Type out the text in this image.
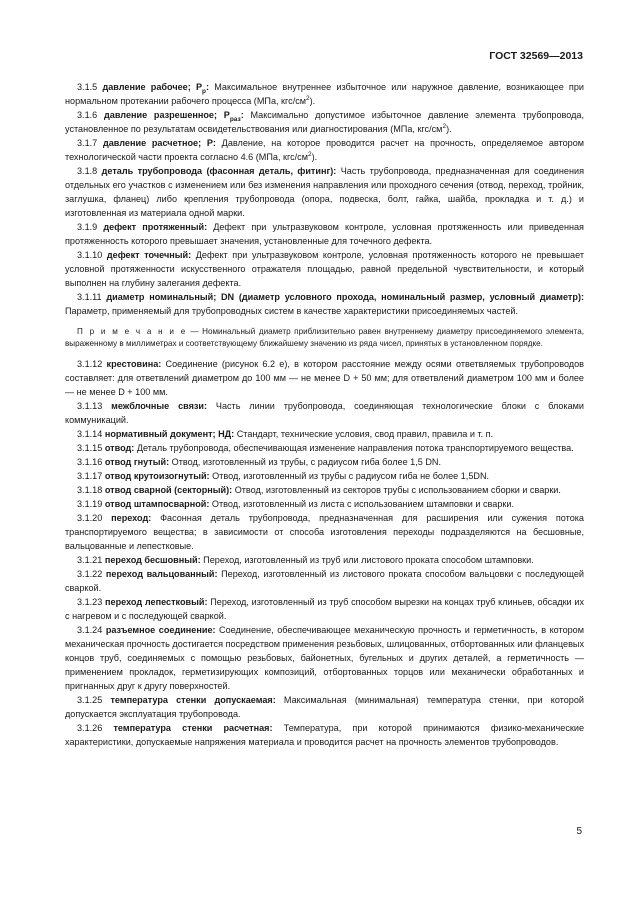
ГОСТ 32569—2013

3.1.5 давление рабочее; $P_р$: Максимальное внутреннее избыточное или наружное давление, возникающее при нормальном протекании рабочего процесса (МПа, кгс/$см^2$).

3.1.6 давление разрешенное; $P_{раз}$: Максимально допустимое избыточное давление элемента трубопровода, установленное по результатам освидетельствования или диагностирования (МПа, кгс/$см^2$).

3.1.7 давление расчетное; P: Давление, на которое проводится расчет на прочность, определяемое автором технологической части проекта согласно 4.6 (МПа, кгс/$см^2$).

3.1.8 деталь трубопровода (фасонная деталь, фитинг): Часть трубопровода, предназначенная для соединения отдельных его участков с изменением или без изменения направления или проходного сечения (отвод, переход, тройник, заглушка, фланец) либо крепления трубопровода (опора, подвеска, болт, гайка, шайба, прокладка и т. д.) и изготовленная из материала одной марки.

3.1.9 дефект протяженный: Дефект при ультразвуковом контроле, условная протяженность или приведенная протяженность которого превышает значения, установленные для точечного дефекта.

3.1.10 дефект точечный: Дефект при ультразвуковом контроле, условная протяженность которого не превышает условной протяженности искусственного отражателя площадью, равной предельной чувствительности, и который выполнен на глубину залегания дефекта.

3.1.11 диаметр номинальный; DN (диаметр условного прохода, номинальный размер, условный диаметр): Параметр, применяемый для трубопроводных систем в качестве характеристики присоединяемых частей.

П р и м е ч а н и е — Номинальный диаметр приблизительно равен внутреннему диаметру присоединяемого элемента, выраженному в миллиметрах и соответствующему ближайшему значению из ряда чисел, принятых в установленном порядке.

3.1.12 крестовина: Соединение (рисунок 6.2 е), в котором расстояние между осями ответвляемых трубопроводов составляет: для ответвлений диаметром до 100 мм — не менее D + 50 мм; для ответвлений диаметром 100 мм и более — не менее D + 100 мм.

3.1.13 межблочные связи: Часть линии трубопровода, соединяющая технологические блоки с блоками коммуникаций.

3.1.14 нормативный документ; НД: Стандарт, технические условия, свод правил, правила и т. п.

3.1.15 отвод: Деталь трубопровода, обеспечивающая изменение направления потока транспортируемого вещества.

3.1.16 отвод гнутый: Отвод, изготовленный из трубы, с радиусом гиба более 1,5 DN.

3.1.17 отвод крутоизогнутый: Отвод, изготовленный из трубы с радиусом гиба не более 1,5DN.

3.1.18 отвод сварной (секторный): Отвод, изготовленный из секторов трубы с использованием сборки и сварки.

3.1.19 отвод штампосварной: Отвод, изготовленный из листа с использованием штамповки и сварки.

3.1.20 переход: Фасонная деталь трубопровода, предназначенная для расширения или сужения потока транспортируемого вещества; в зависимости от способа изготовления переходы подразделяются на бесшовные, вальцованные и лепестковые.

3.1.21 переход бесшовный: Переход, изготовленный из труб или листового проката способом штамповки.

3.1.22 переход вальцованный: Переход, изготовленный из листового проката способом вальцовки с последующей сваркой.

3.1.23 переход лепестковый: Переход, изготовленный из труб способом вырезки на концах труб клиньев, обсадки их с нагревом и с последующей сваркой.

3.1.24 разъемное соединение: Соединение, обеспечивающее механическую прочность и герметичность, в котором механическая прочность достигается посредством применения резьбовых, шлицованных, отбортованных или фланцевых концов труб, соединяемых с помощью резьбовых, байонетных, бугельных и других деталей, а герметичность — применением прокладок, герметизирующих композиций, отбортованных торцов или механически обработанных и пригнанных друг к другу поверхностей.

3.1.25 температура стенки допускаемая: Максимальная (минимальная) температура стенки, при которой допускается эксплуатация трубопровода.

3.1.26 температура стенки расчетная: Температура, при которой принимаются физико-механические характеристики, допускаемые напряжения материала и проводится расчет на прочность элементов трубопроводов.

5
